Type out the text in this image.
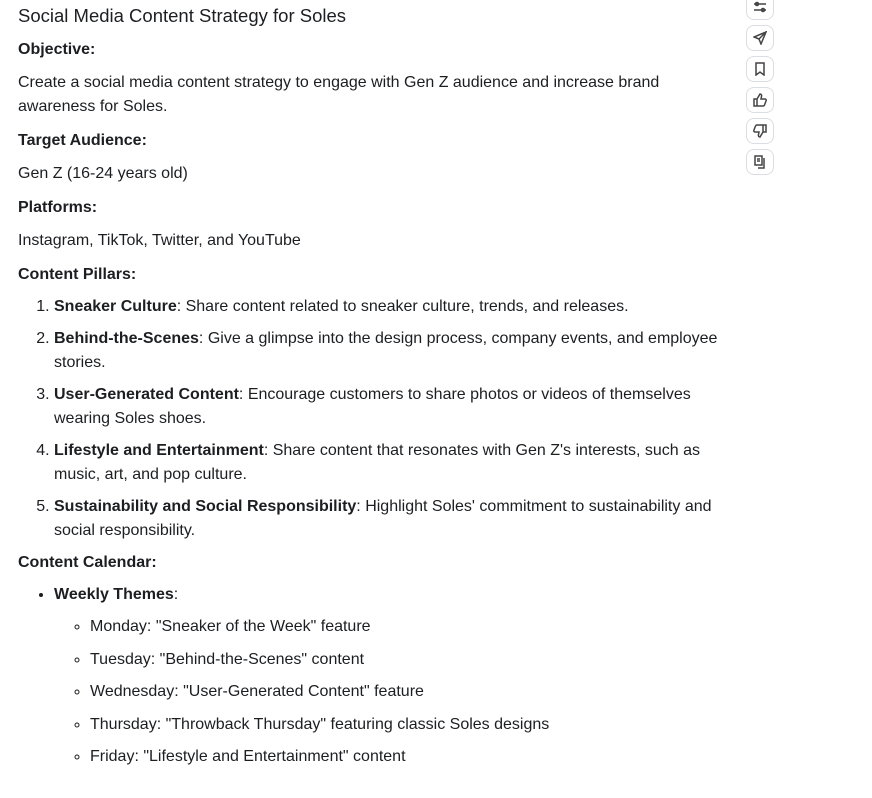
Social Media Content Strategy for Soles
Objective:

Create a social media content strategy to engage with Gen Z audience and increase brand awareness for Soles.

Target Audience:

Gen Z (16-24 years old)

Platforms:

Instagram, TikTok, Twitter, and YouTube

Content Pillars:
1. Sneaker Culture: Share content related to sneaker culture, trends, and releases.
2. Behind-the-Scenes: Give a glimpse into the design process, company events, and employee stories.
3. User-Generated Content: Encourage customers to share photos or videos of themselves wearing Soles shoes.
4. Lifestyle and Entertainment: Share content that resonates with Gen Z's interests, such as music, art, and pop culture.
5. Sustainability and Social Responsibility: Highlight Soles' commitment to sustainability and social responsibility.
Content Calendar:
• Weekly Themes:
◦ Monday: "Sneaker of the Week" feature
◦ Tuesday: "Behind-the-Scenes" content
◦ Wednesday: "User-Generated Content" feature
◦ Thursday: "Throwback Thursday" featuring classic Soles designs
◦ Friday: "Lifestyle and Entertainment" content
